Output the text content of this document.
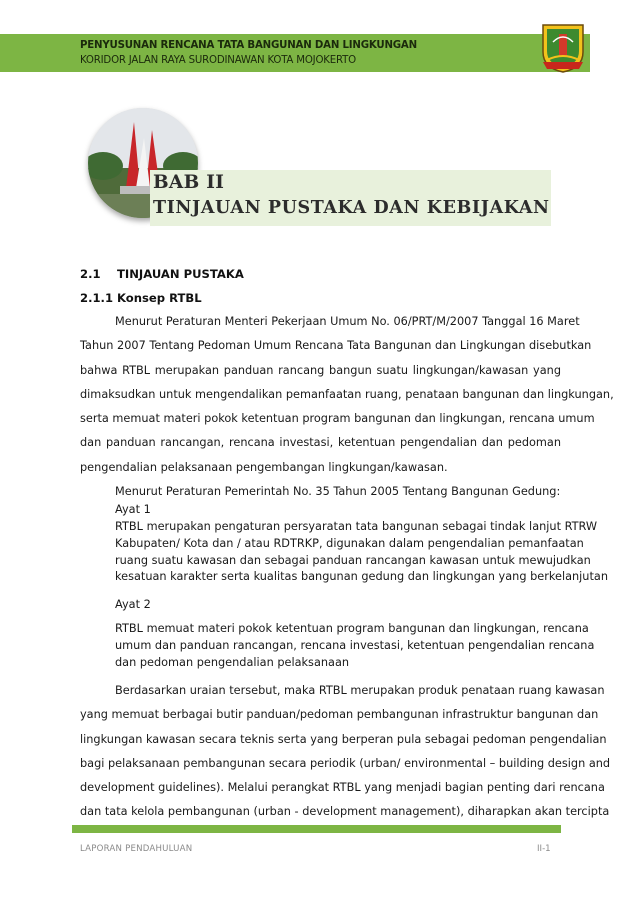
PENYUSUNAN RENCANA TATA BANGUNAN DAN LINGKUNGAN
KORIDOR JALAN RAYA SURODINAWAN KOTA MOJOKERTO
BAB II
TINJAUAN PUSTAKA DAN KEBIJAKAN
2.1 TINJAUAN PUSTAKA
2.1.1 Konsep RTBL
Menurut Peraturan Menteri Pekerjaan Umum No. 06/PRT/M/2007 Tanggal 16 Maret
Tahun 2007 Tentang Pedoman Umum Rencana Tata Bangunan dan Lingkungan disebutkan
bahwa RTBL merupakan panduan rancang bangun suatu lingkungan/kawasan yang
dimaksudkan untuk mengendalikan pemanfaatan ruang, penataan bangunan dan lingkungan,
serta memuat materi pokok ketentuan program bangunan dan lingkungan, rencana umum
dan panduan rancangan, rencana investasi, ketentuan pengendalian dan pedoman
pengendalian pelaksanaan pengembangan lingkungan/kawasan.
Menurut Peraturan Pemerintah No. 35 Tahun 2005 Tentang Bangunan Gedung:
Ayat 1
RTBL merupakan pengaturan persyaratan tata bangunan sebagai tindak lanjut RTRW
Kabupaten/ Kota dan / atau RDTRKP, digunakan dalam pengendalian pemanfaatan
ruang suatu kawasan dan sebagai panduan rancangan kawasan untuk mewujudkan
kesatuan karakter serta kualitas bangunan gedung dan lingkungan yang berkelanjutan
Ayat 2
RTBL memuat materi pokok ketentuan program bangunan dan lingkungan, rencana
umum dan panduan rancangan, rencana investasi, ketentuan pengendalian rencana
dan pedoman pengendalian pelaksanaan
Berdasarkan uraian tersebut, maka RTBL merupakan produk penataan ruang kawasan
yang memuat berbagai butir panduan/pedoman pembangunan infrastruktur bangunan dan
lingkungan kawasan secara teknis serta yang berperan pula sebagai pedoman pengendalian
bagi pelaksanaan pembangunan secara periodik (urban/ environmental – building design and
development guidelines). Melalui perangkat RTBL yang menjadi bagian penting dari rencana
dan tata kelola pembangunan (urban - development management), diharapkan akan tercipta
LAPORAN PENDAHULUAN	II-1
